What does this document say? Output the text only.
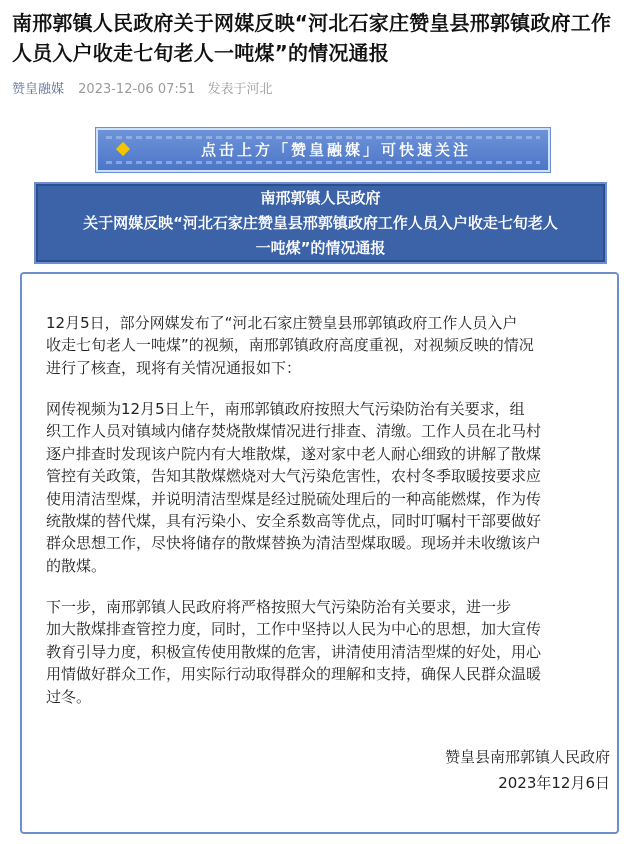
南邢郭镇人民政府关于网媒反映“河北石家庄赞皇县邢郭镇政府工作人员入户收走七旬老人一吨煤”的情况通报
赞皇融媒 2023-12-06 07:51 发表于河北
点击上方「赞皇融媒」可快速关注
南邢郭镇人民政府
关于网媒反映“河北石家庄赞皇县邢郭镇政府工作人员入户收走七旬老人
一吨煤”的情况通报
12月5日，部分网媒发布了“河北石家庄赞皇县邢郭镇政府工作人员入户
收走七旬老人一吨煤”的视频，南邢郭镇政府高度重视，对视频反映的情况
进行了核查，现将有关情况通报如下：
网传视频为12月5日上午，南邢郭镇政府按照大气污染防治有关要求，组
织工作人员对镇域内储存焚烧散煤情况进行排查、清缴。工作人员在北马村
逐户排查时发现该户院内有大堆散煤，遂对家中老人耐心细致的讲解了散煤
管控有关政策，告知其散煤燃烧对大气污染危害性，农村冬季取暖按要求应
使用清洁型煤，并说明清洁型煤是经过脱硫处理后的一种高能燃煤，作为传
统散煤的替代煤，具有污染小、安全系数高等优点，同时叮嘱村干部要做好
群众思想工作，尽快将储存的散煤替换为清洁型煤取暖。现场并未收缴该户
的散煤。
下一步，南邢郭镇人民政府将严格按照大气污染防治有关要求，进一步
加大散煤排查管控力度，同时，工作中坚持以人民为中心的思想，加大宣传
教育引导力度，积极宣传使用散煤的危害，讲清使用清洁型煤的好处，用心
用情做好群众工作，用实际行动取得群众的理解和支持，确保人民群众温暖
过冬。
赞皇县南邢郭镇人民政府
2023年12月6日
